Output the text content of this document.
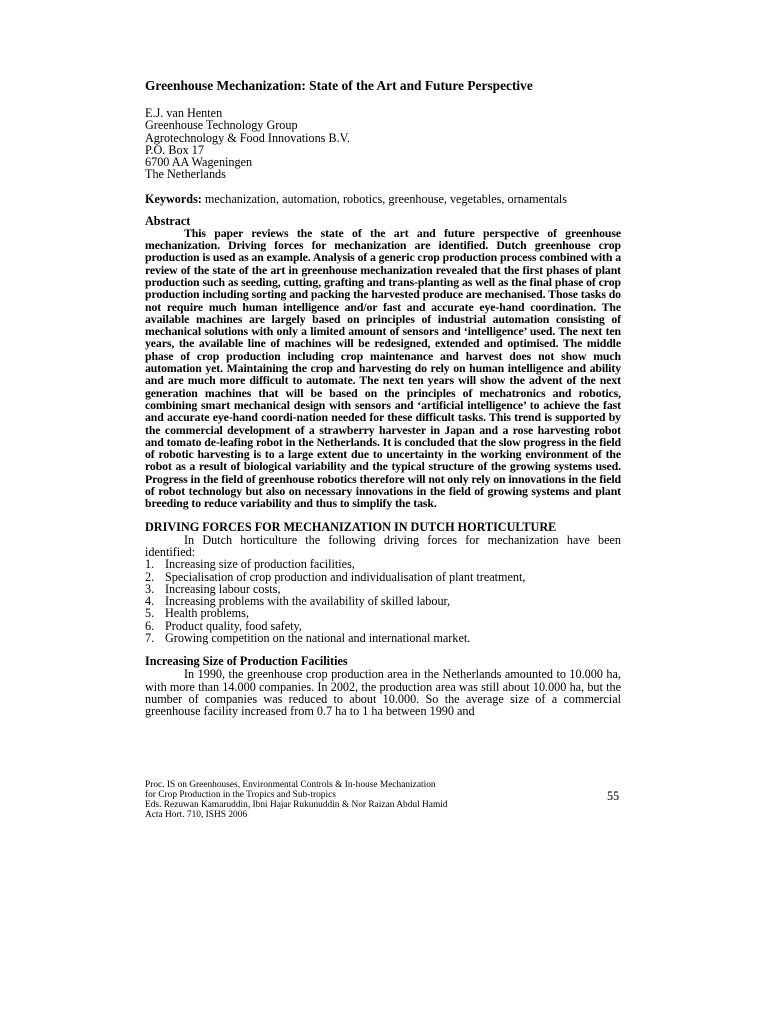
Greenhouse Mechanization: State of the Art and Future Perspective
E.J. van Henten
Greenhouse Technology Group
Agrotechnology & Food Innovations B.V.
P.O. Box 17
6700 AA Wageningen
The Netherlands
Keywords: mechanization, automation, robotics, greenhouse, vegetables, ornamentals
Abstract

This paper reviews the state of the art and future perspective of greenhouse mechanization. Driving forces for mechanization are identified. Dutch greenhouse crop production is used as an example. Analysis of a generic crop production process combined with a review of the state of the art in greenhouse mechanization revealed that the first phases of plant production such as seeding, cutting, grafting and trans-planting as well as the final phase of crop production including sorting and packing the harvested produce are mechanised. Those tasks do not require much human intelligence and/or fast and accurate eye-hand coordination. The available machines are largely based on principles of industrial automation consisting of mechanical solutions with only a limited amount of sensors and ‘intelligence’ used. The next ten years, the available line of machines will be redesigned, extended and optimised. The middle phase of crop production including crop maintenance and harvest does not show much automation yet. Maintaining the crop and harvesting do rely on human intelligence and ability and are much more difficult to automate. The next ten years will show the advent of the next generation machines that will be based on the principles of mechatronics and robotics, combining smart mechanical design with sensors and ‘artificial intelligence’ to achieve the fast and accurate eye-hand coordi-nation needed for these difficult tasks. This trend is supported by the commercial development of a strawberry harvester in Japan and a rose harvesting robot and tomato de-leafing robot in the Netherlands. It is concluded that the slow progress in the field of robotic harvesting is to a large extent due to uncertainty in the working environment of the robot as a result of biological variability and the typical structure of the growing systems used. Progress in the field of greenhouse robotics therefore will not only rely on innovations in the field of robot technology but also on necessary innovations in the field of growing systems and plant breeding to reduce variability and thus to simplify the task.

DRIVING FORCES FOR MECHANIZATION IN DUTCH HORTICULTURE

In Dutch horticulture the following driving forces for mechanization have been identified:

1. Increasing size of production facilities,
2. Specialisation of crop production and individualisation of plant treatment,
3. Increasing labour costs,
4. Increasing problems with the availability of skilled labour,
5. Health problems,
6. Product quality, food safety,
7. Growing competition on the national and international market.
Increasing Size of Production Facilities

In 1990, the greenhouse crop production area in the Netherlands amounted to 10.000 ha, with more than 14.000 companies. In 2002, the production area was still about 10.000 ha, but the number of companies was reduced to about 10.000. So the average size of a commercial greenhouse facility increased from 0.7 ha to 1 ha between 1990 and

Proc. IS on Greenhouses, Environmental Controls & In-house Mechanization
for Crop Production in the Tropics and Sub-tropics
Eds. Rezuwan Kamaruddin, Ibni Hajar Rukunuddin & Nor Raizan Abdul Hamid
Acta Hort. 710, ISHS 2006
55
